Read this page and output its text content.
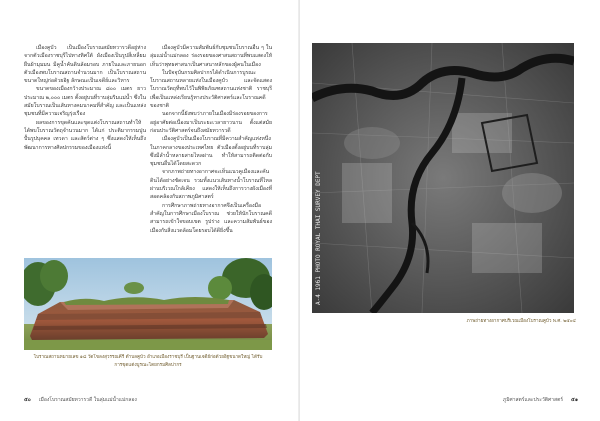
เมืองคูบัว เป็นเมืองโบราณสมัยทวารวดีอยู่ห่างจากตัวเมืองราชบุรีไปทางทิศใต้ ผังเมืองเป็นรูปสี่เหลี่ยมผืนผ้ามุมมน มีคูน้ำคันดินล้อมรอบ ภายในและภายนอกตัวเมืองพบโบราณสถานจำนวนมาก เป็นโบราณสถานขนาดใหญ่ก่อด้วยอิฐ ลักษณะเป็นเจดีย์และวิหาร

ขนาดของเมืองกว้างประมาณ ๘๐๐ เมตร ยาวประมาณ ๒,๐๐๐ เมตร ตั้งอยู่บนที่ราบลุ่มริมแม่น้ำ ซึ่งในสมัยโบราณเป็นเส้นทางคมนาคมที่สำคัญ และเป็นแหล่งชุมชนที่มีความเจริญรุ่งเรือง

ผลของการขุดค้นและขุดแต่งโบราณสถานทำให้ได้พบโบราณวัตถุจำนวนมาก ได้แก่ ประติมากรรมปูนปั้นรูปบุคคล เทวดา และสัตว์ต่าง ๆ ซึ่งแสดงให้เห็นถึงพัฒนาการทางศิลปกรรมของเมืองแห่งนี้

เมืองคูบัวมีความสัมพันธ์กับชุมชนโบราณอื่น ๆ ในลุ่มแม่น้ำแม่กลอง ร่องรอยของศาสนสถานที่พบแสดงให้เห็นว่าพุทธศาสนาเป็นศาสนาหลักของผู้คนในเมือง

ในปัจจุบันกรมศิลปากรได้ดำเนินการบูรณะโบราณสถานหลายแห่งในเมืองคูบัว และจัดแสดงโบราณวัตถุที่พบไว้ในพิพิธภัณฑสถานแห่งชาติ ราชบุรี เพื่อเป็นแหล่งเรียนรู้ทางประวัติศาสตร์และโบราณคดีของชาติ

นอกจากนี้ยังพบว่าภายในเมืองมีร่องรอยของการอยู่อาศัยต่อเนื่องมาเป็นระยะเวลายาวนาน ตั้งแต่สมัยก่อนประวัติศาสตร์จนถึงสมัยทวารวดี

เมืองคูบัวเป็นเมืองโบราณที่มีความสำคัญแห่งหนึ่งในภาคกลางของประเทศไทย ตัวเมืองตั้งอยู่บนที่ราบลุ่มซึ่งมีลำน้ำหลายสายไหลผ่าน ทำให้สามารถติดต่อกับชุมชนอื่นได้โดยสะดวก

จากภาพถ่ายทางอากาศจะเห็นแนวคูเมืองและคันดินได้อย่างชัดเจน รวมทั้งแนวเส้นทางน้ำโบราณที่ไหลผ่านบริเวณใกล้เคียง แสดงให้เห็นถึงการวางผังเมืองที่สอดคล้องกับสภาพภูมิศาสตร์

การศึกษาภาพถ่ายทางอากาศจึงเป็นเครื่องมือสำคัญในการศึกษาเมืองโบราณ ช่วยให้นักโบราณคดีสามารถเข้าใจขอบเขต รูปร่าง และความสัมพันธ์ของเมืองกับสิ่งแวดล้อมโดยรอบได้ดียิ่งขึ้น

โบราณสถานหมายเลข ๑๘ วัดโขลงสุวรรณคีรี ตำบลคูบัว อำเภอเมืองราชบุรี เป็นฐานเจดีย์ก่อด้วยอิฐขนาดใหญ่ ได้รับการขุดแต่งบูรณะโดยกรมศิลปากร
๕๐ เมืองโบราณสมัยทวารวดี ในลุ่มแม่น้ำแม่กลอง
A-4 1961 PHOTO ROYAL THAI SURVEY DEPT
ภาพถ่ายทางอากาศบริเวณเมืองโบราณคูบัว พ.ศ. ๒๕๐๔
ภูมิศาสตร์และประวัติศาสตร์ ๕๑
